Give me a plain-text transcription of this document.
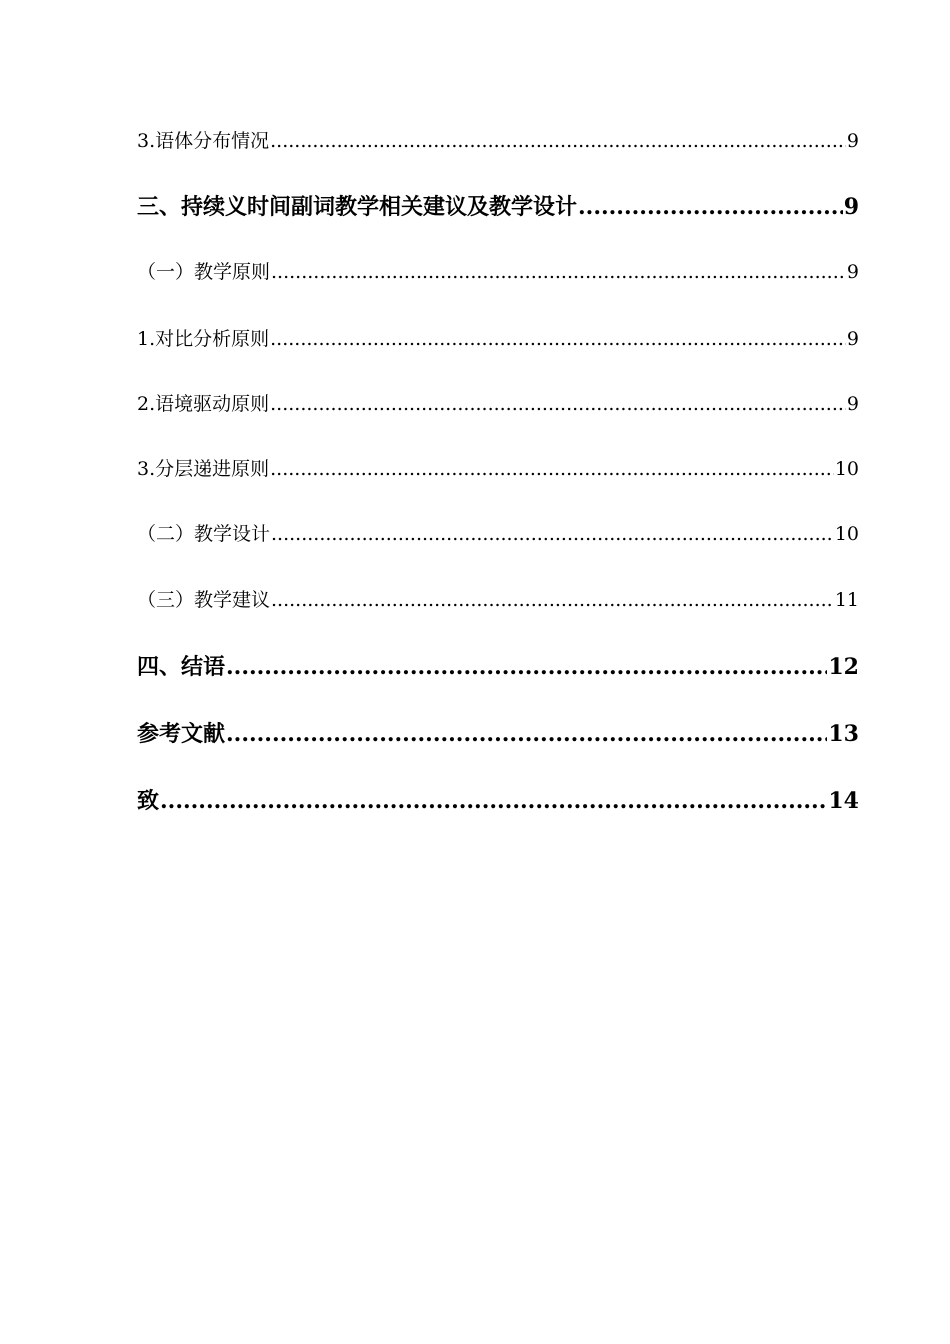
3.语体分布情况 .....	9
三、持续义时间副词教学相关建议及教学设计 .....	9
（一）教学原则 .....	9
1.对比分析原则 .....	9
2.语境驱动原则 .....	9
3.分层递进原则 .....	10
（二）教学设计 .....	10
（三）教学建议 .....	11
四、结语 .....	12
参考文献 .....	13
致 .....	14
